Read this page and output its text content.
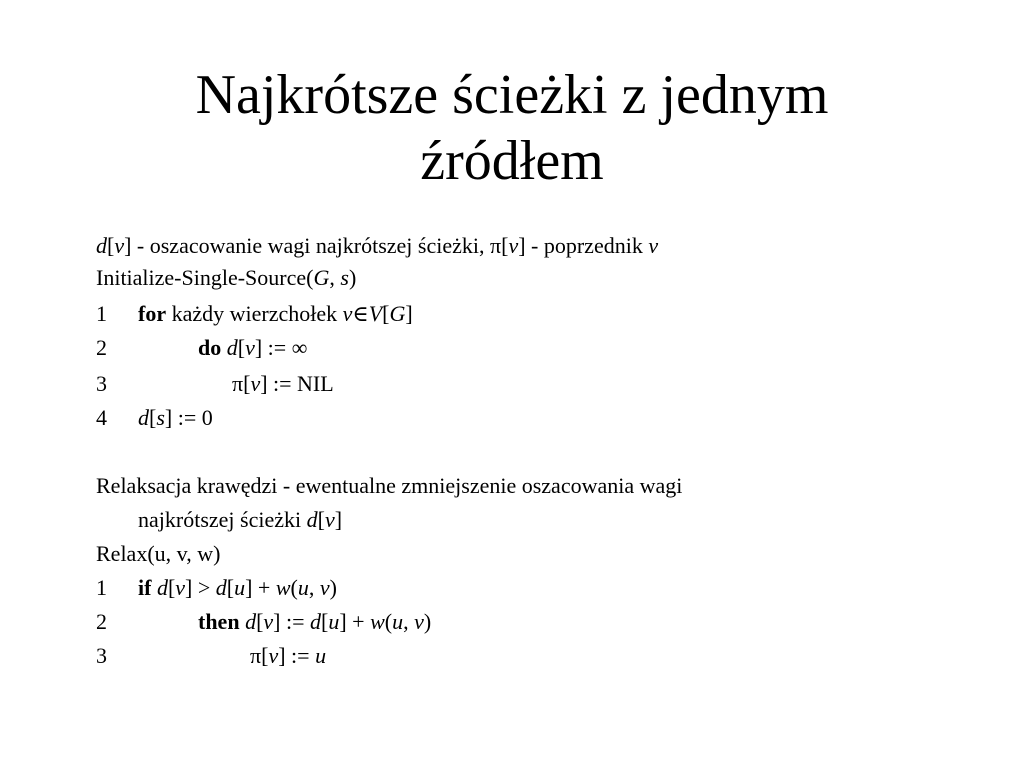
Najkrótsze ścieżki z jednym
źródłem
d[v] - oszacowanie wagi najkrótszej ścieżki, π[v] - poprzednik v
Initialize-Single-Source(G, s)
1 for każdy wierzchołek v∈V[G]
2	do d[v] := ∞
3	π[v] := NIL
4 d[s] := 0
Relaksacja krawędzi - ewentualne zmniejszenie oszacowania wagi
najkrótszej ścieżki d[v]
Relax(u, v, w)
1 if d[v] > d[u] + w(u, v)
2	then d[v] := d[u] + w(u, v)
3	π[v] := u
